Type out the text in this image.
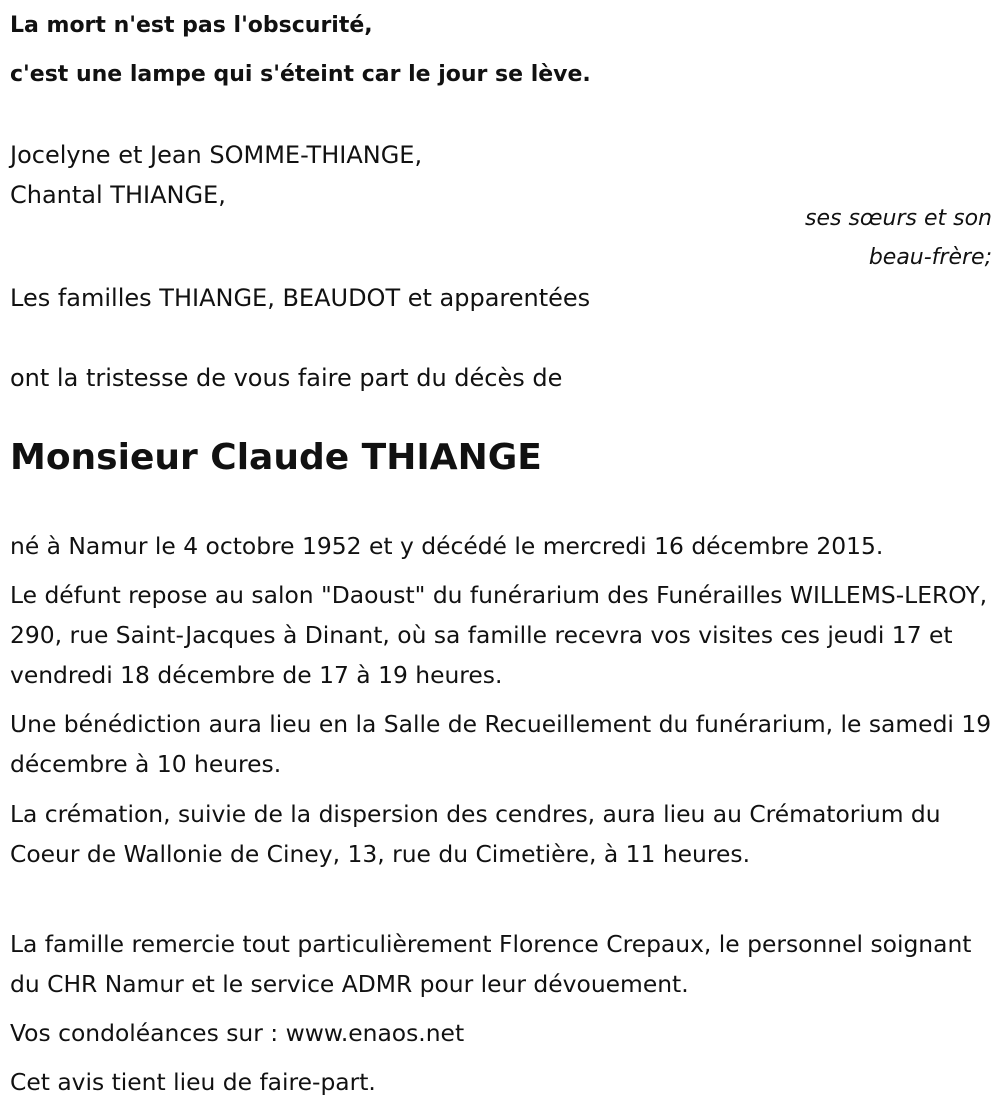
La mort n'est pas l'obscurité,

c'est une lampe qui s'éteint car le jour se lève.

Jocelyne et Jean SOMME-THIANGE,

Chantal THIANGE,

ses sœurs et son

beau-frère;

Les familles THIANGE, BEAUDOT et apparentées

ont la tristesse de vous faire part du décès de

Monsieur Claude THIANGE

né à Namur le 4 octobre 1952 et y décédé le mercredi 16 décembre 2015.

Le défunt repose au salon "Daoust" du funérarium des Funérailles WILLEMS-LEROY, 290, rue Saint-Jacques à Dinant, où sa famille recevra vos visites ces jeudi 17 et vendredi 18 décembre de 17 à 19 heures.

Une bénédiction aura lieu en la Salle de Recueillement du funérarium, le samedi 19 décembre à 10 heures.

La crémation, suivie de la dispersion des cendres, aura lieu au Crématorium du Coeur de Wallonie de Ciney, 13, rue du Cimetière, à 11 heures.

La famille remercie tout particulièrement Florence Crepaux, le personnel soignant du CHR Namur et le service ADMR pour leur dévouement.

Vos condoléances sur : www.enaos.net

Cet avis tient lieu de faire-part.
